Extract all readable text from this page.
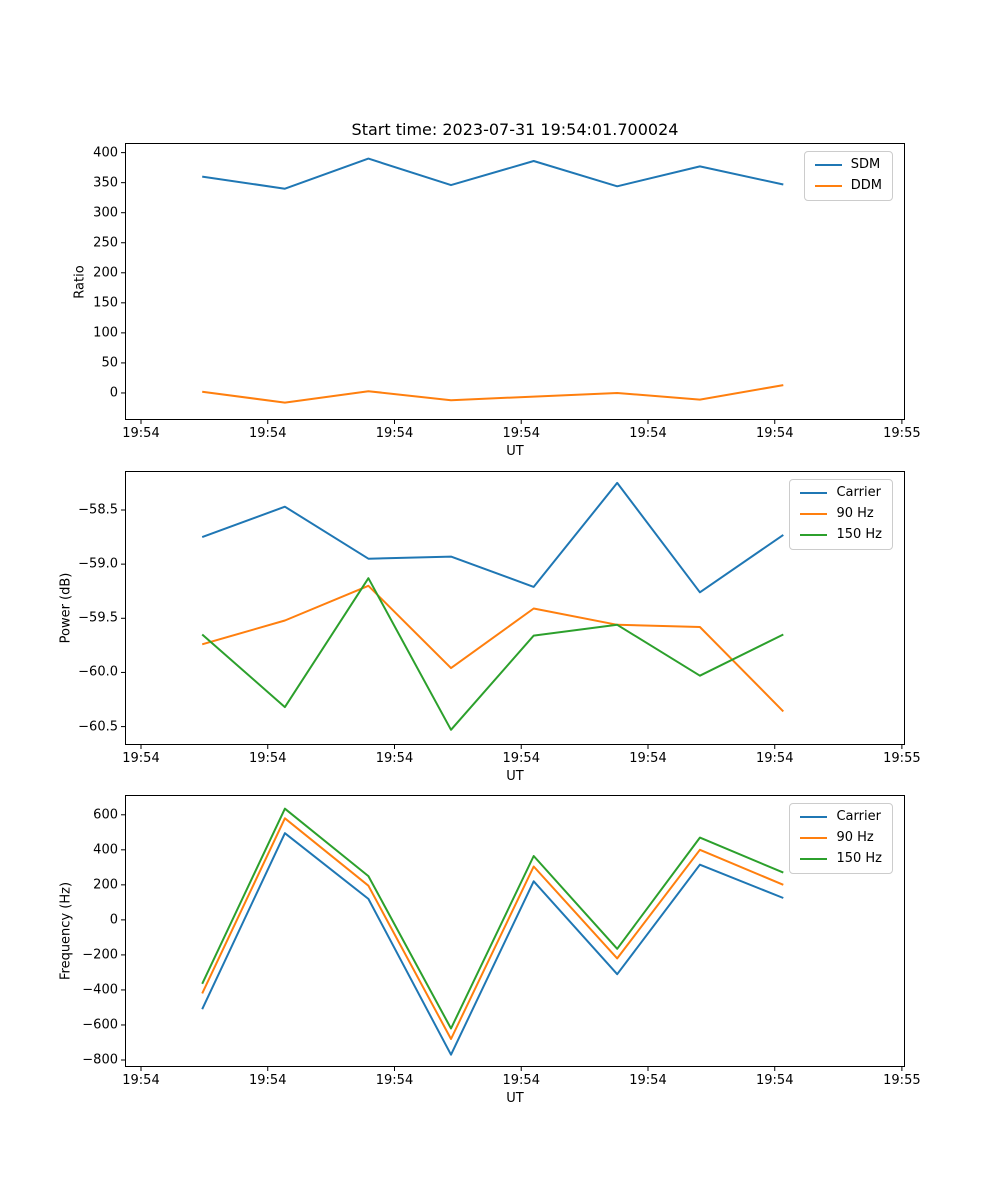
Start time: 2023-07-31 19:54:01.700024
19:54	19:54	19:54	19:54	19:54	19:54	19:55
400
350
300
250
200
150
100
50
0
UT
Ratio
SDM
DDM
19:54	19:54	19:54	19:54	19:54	19:54	19:55
−58.5
−59.0
−59.5
−60.0
−60.5
UT
Power (dB)
Carrier
90 Hz
150 Hz
19:54	19:54	19:54	19:54	19:54	19:54	19:55
600
400
200
0
−200
−400
−600
−800
UT
Frequency (Hz)
Carrier
90 Hz
150 Hz
